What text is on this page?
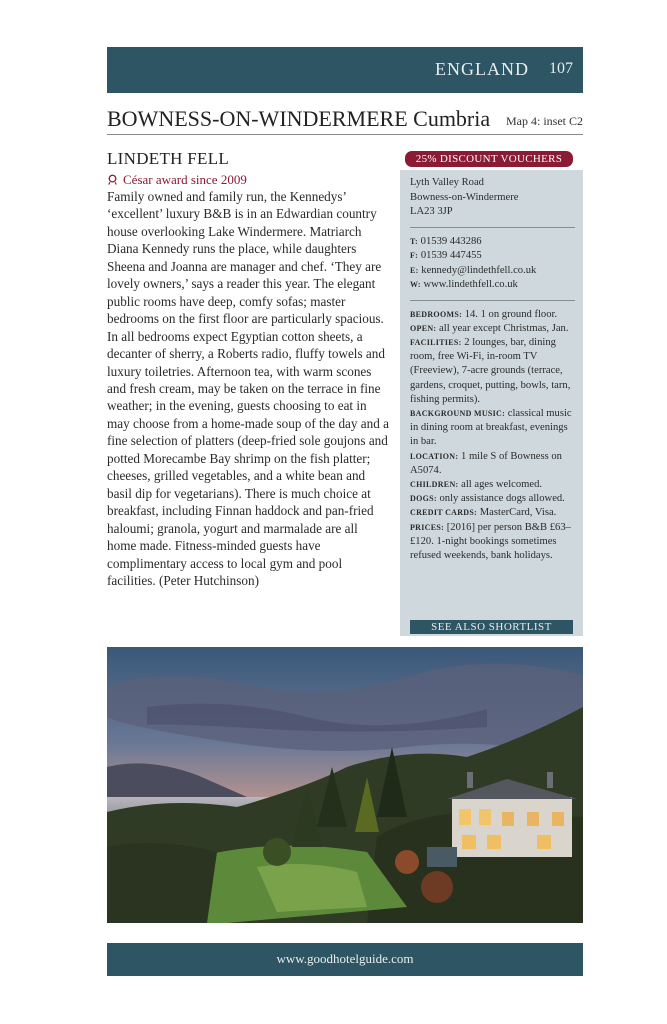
ENGLAND 107
BOWNESS-ON-WINDERMERE Cumbria Map 4: inset C2
LINDETH FELL
César award since 2009

Family owned and family run, the Kennedys’ ‘excellent’ luxury B&B is in an Edwardian country house overlooking Lake Windermere. Matriarch Diana Kennedy runs the place, while daughters Sheena and Joanna are manager and chef. ‘They are lovely owners,’ says a reader this year. The elegant public rooms have deep, comfy sofas; master bedrooms on the first floor are particularly spacious. In all bedrooms expect Egyptian cotton sheets, a decanter of sherry, a Roberts radio, fluffy towels and luxury toiletries. Afternoon tea, with warm scones and fresh cream, may be taken on the terrace in fine weather; in the evening, guests choosing to eat in may choose from a home-made soup of the day and a fine selection of platters (deep-fried sole goujons and potted Morecambe Bay shrimp on the fish platter; cheeses, grilled vegetables, and a white bean and basil dip for vegetarians). There is much choice at breakfast, including Finnan haddock and pan-fried haloumi; granola, yogurt and marmalade are all home made. Fitness-minded guests have complimentary access to local gym and pool facilities. (Peter Hutchinson)

25% DISCOUNT VOUCHERS
Lyth Valley Road
Bowness-on-Windermere
LA23 3JP
T: 01539 443286
F: 01539 447455
E: kennedy@lindethfell.co.uk
W: www.lindethfell.co.uk
BEDROOMS: 14. 1 on ground floor.
OPEN: all year except Christmas, Jan.
FACILITIES: 2 lounges, bar, dining room, free Wi-Fi, in-room TV (Freeview), 7-acre grounds (terrace, gardens, croquet, putting, bowls, tarn, fishing permits).
BACKGROUND MUSIC: classical music in dining room at breakfast, evenings in bar.
LOCATION: 1 mile S of Bowness on A5074.
CHILDREN: all ages welcomed.
DOGS: only assistance dogs allowed.
CREDIT CARDS: MasterCard, Visa.
PRICES: [2016] per person B&B £63–£120. 1-night bookings sometimes refused weekends, bank holidays.
SEE ALSO SHORTLIST
www.goodhotelguide.com
